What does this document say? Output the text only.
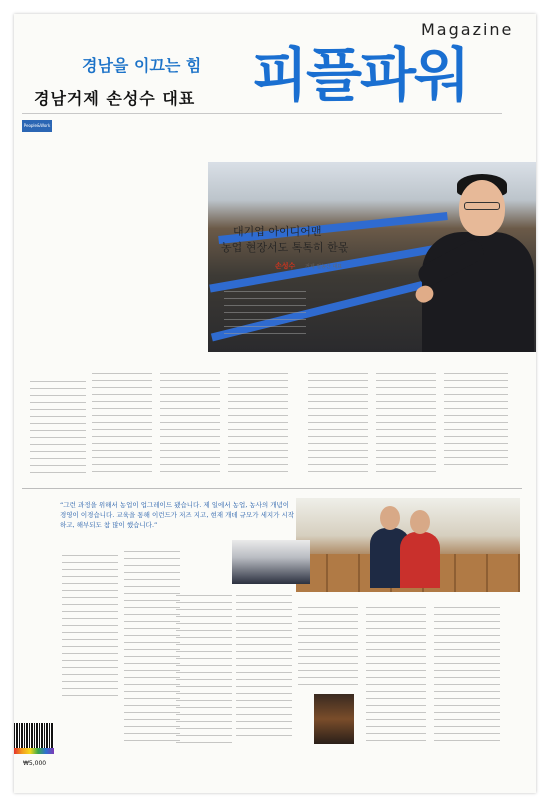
Magazine
경남을 이끄는 힘
경남거제 손성수 대표 피플파워
People&Work
대기업 아이디어맨
농업 현장서도 톡톡히 한몫
손성수 거제 필농산 대표
“그런 과정을 위해서 농업이 업그레이드 됐습니다. 제 일에서 농업, 농사의 개념이 경영이 이경습니다. 교육을 통해 이런드가 저즈 지고, 현재 개데 규모가 세지가 시작하고, 해부되도 참 많이 했습니다.”
₩5,000
